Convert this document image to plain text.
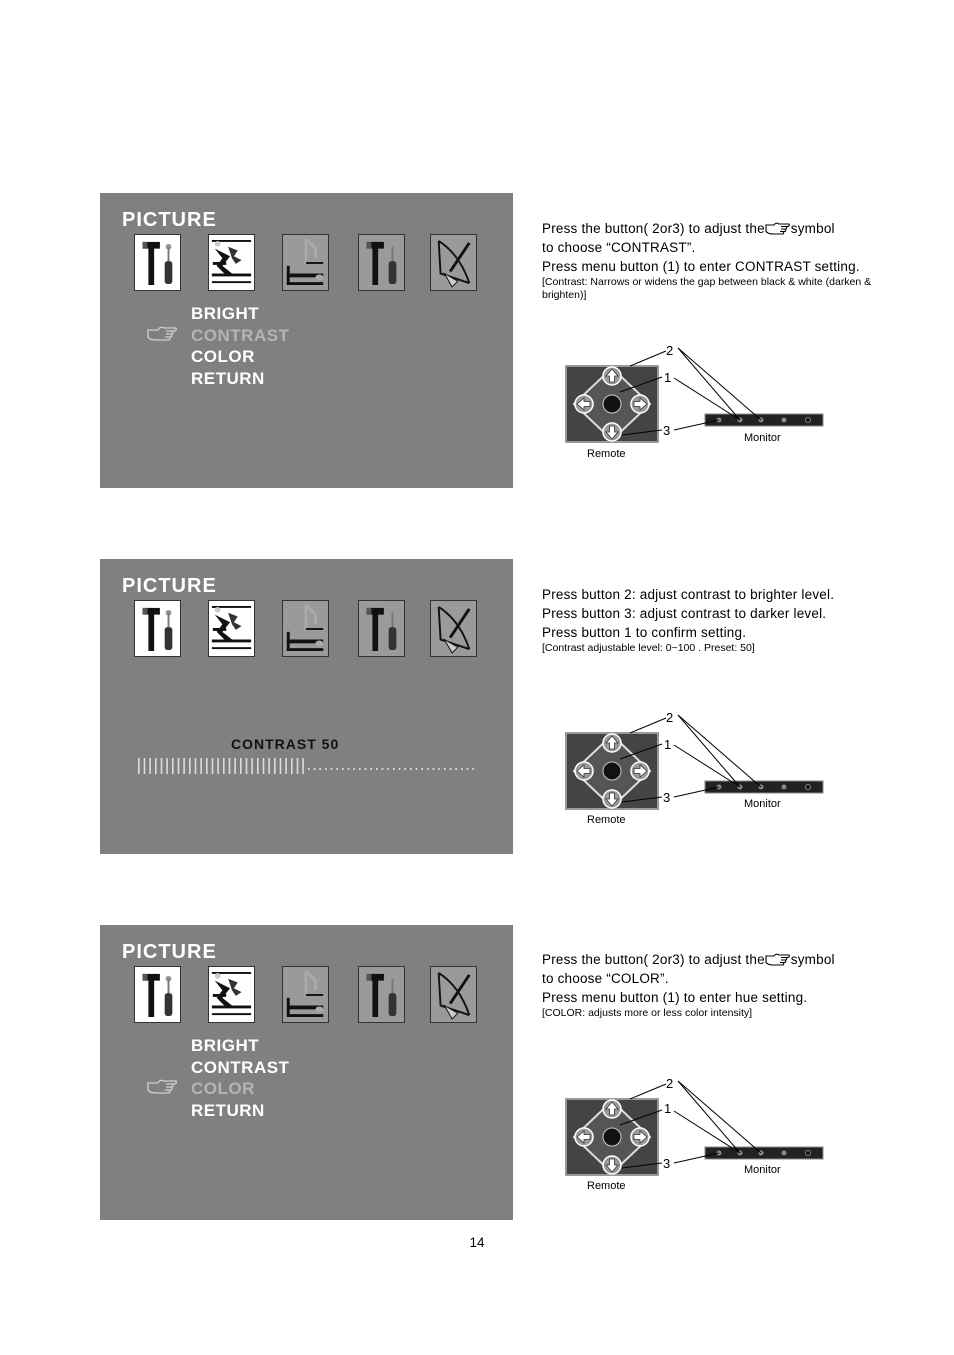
PICTURE
BRIGHT
CONTRAST
COLOR
RETURN
Press the button( 2or3) to adjust the symbol
to choose “CONTRAST”.
Press menu button (1) to enter CONTRAST setting.
[Contrast: Narrows or widens the gap between black & white (darken & brighten)]
2
1
3	Monitor
Remote
PICTURE
CONTRAST 50
Press button 2: adjust contrast to brighter level.
Press button 3: adjust contrast to darker level.
Press button 1 to confirm setting.
[Contrast adjustable level: 0~100 . Preset: 50]
2
1
3	Monitor
Remote
PICTURE
BRIGHT
CONTRAST
COLOR
RETURN
Press the button( 2or3) to adjust the symbol
to choose “COLOR”.
Press menu button (1) to enter hue setting.
[COLOR: adjusts more or less color intensity]
2
1
3	Monitor
Remote
14
